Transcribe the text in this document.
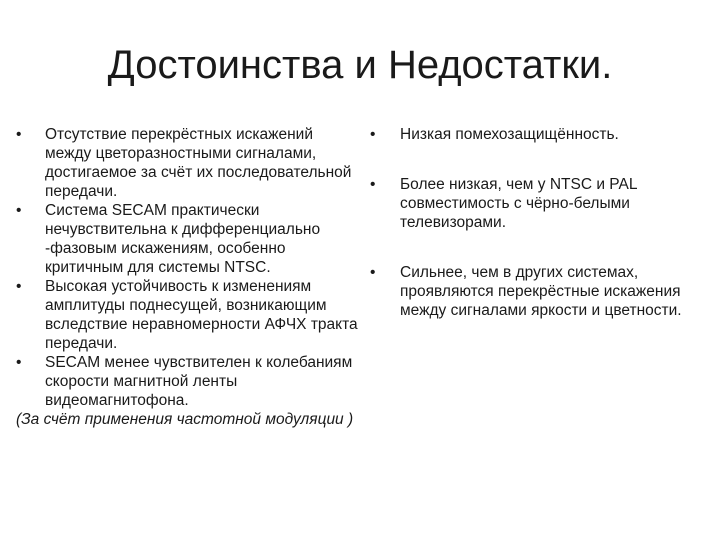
Достоинства и Недостатки.
•	Отсутствие перекрёстных искажений между цветоразностными сигналами, достигаемое за счёт их последовательной передачи.
•	Система SECAM практически нечувствительна к дифференциально -фазовым искажениям, особенно критичным для системы NTSC.
•	Высокая устойчивость к изменениям амплитуды поднесущей, возникающим вследствие неравномерности АФЧХ тракта передачи.
•	SECAM менее чувствителен к колебаниям скорости магнитной ленты видеомагнитофона.

(За счёт применения частотной модуляции )

•	Низкая помехозащищённость.
•	Более низкая, чем у NTSC и PAL совместимость с чёрно-белыми телевизорами.
•	Сильнее, чем в других системах, проявляются перекрёстные искажения между сигналами яркости и цветности.
